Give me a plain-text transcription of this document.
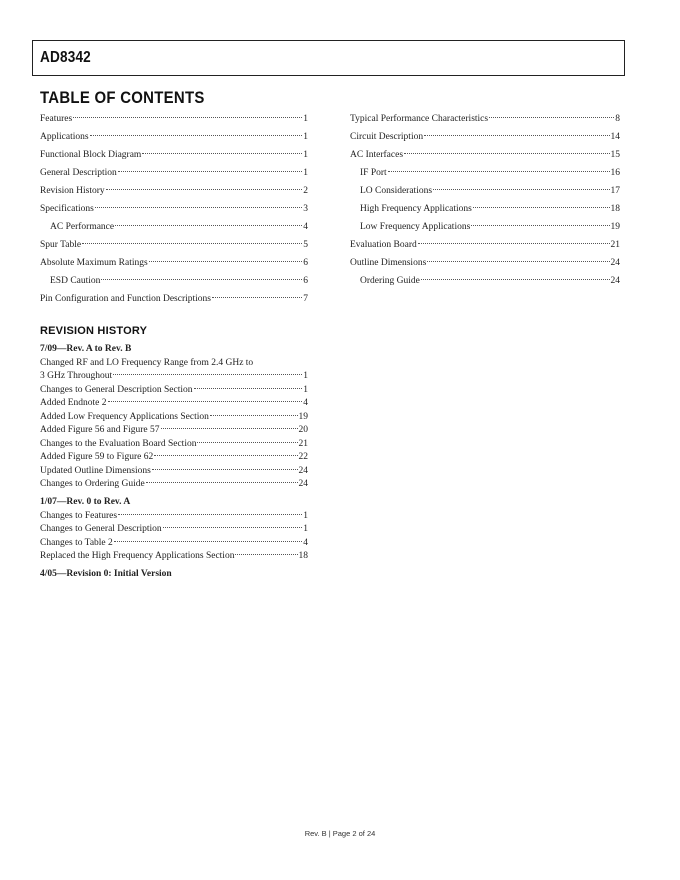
AD8342
TABLE OF CONTENTS
Features	1
Applications	1
Functional Block Diagram	1
General Description	1
Revision History	2
Specifications	3
AC Performance	4
Spur Table	5
Absolute Maximum Ratings	6
ESD Caution	6
Pin Configuration and Function Descriptions	7
Typical Performance Characteristics	8
Circuit Description	14
AC Interfaces	15
IF Port	16
LO Considerations	17
High Frequency Applications	18
Low Frequency Applications	19
Evaluation Board	21
Outline Dimensions	24
Ordering Guide	24
REVISION HISTORY
7/09—Rev. A to Rev. B
Changed RF and LO Frequency Range from 2.4 GHz to
3 GHz Throughout	1
Changes to General Description Section	1
Added Endnote 2	4
Added Low Frequency Applications Section	19
Added Figure 56 and Figure 57	20
Changes to the Evaluation Board Section	21
Added Figure 59 to Figure 62	22
Updated Outline Dimensions	24
Changes to Ordering Guide	24
1/07—Rev. 0 to Rev. A
Changes to Features	1
Changes to General Description	1
Changes to Table 2	4
Replaced the High Frequency Applications Section	18
4/05—Revision 0: Initial Version
Rev. B | Page 2 of 24
